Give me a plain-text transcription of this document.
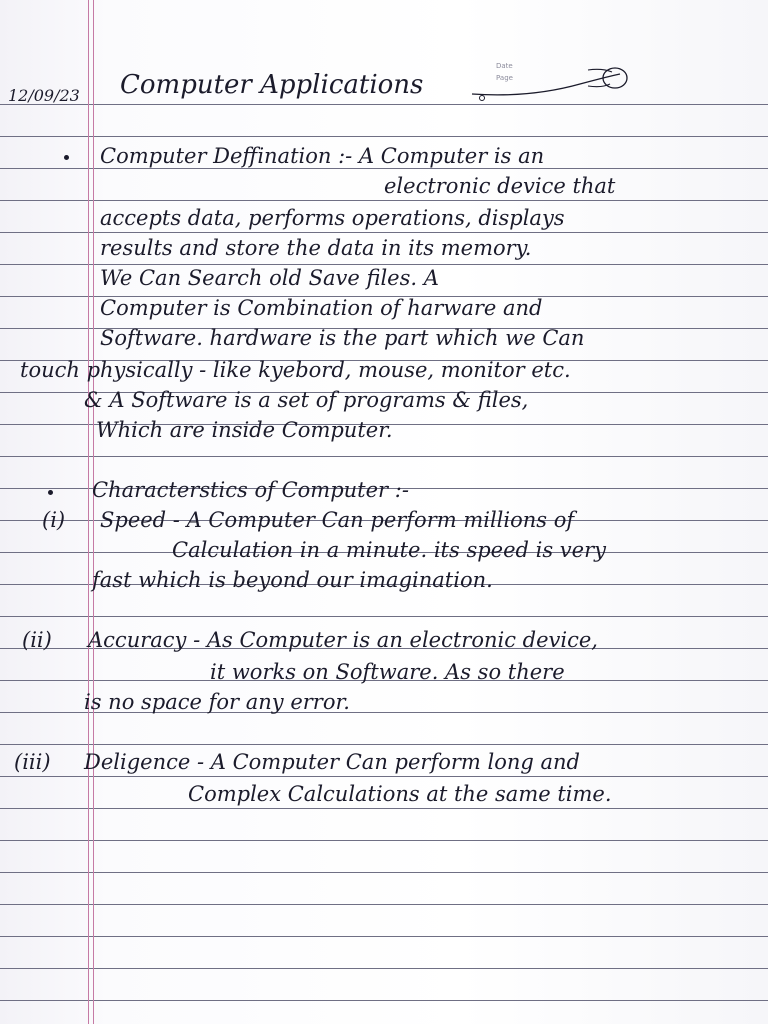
12/09/23 Computer Applications
Date
Page
Computer Deffination :- A Computer is an
electronic device that
accepts data, performs operations, displays
results and store the data in its memory.
We Can Search old Save files. A
Computer is Combination of harware and
Software. hardware is the part which we Can
touch physically - like kyebord, mouse, monitor etc.
& A Software is a set of programs & files,
Which are inside Computer.
Characterstics of Computer :-
(i) Speed - A Computer Can perform millions of
Calculation in a minute. its speed is very
fast which is beyond our imagination.
(ii) Accuracy - As Computer is an electronic device,
it works on Software. As so there
is no space for any error.
(iii) Deligence - A Computer Can perform long and
Complex Calculations at the same time.
